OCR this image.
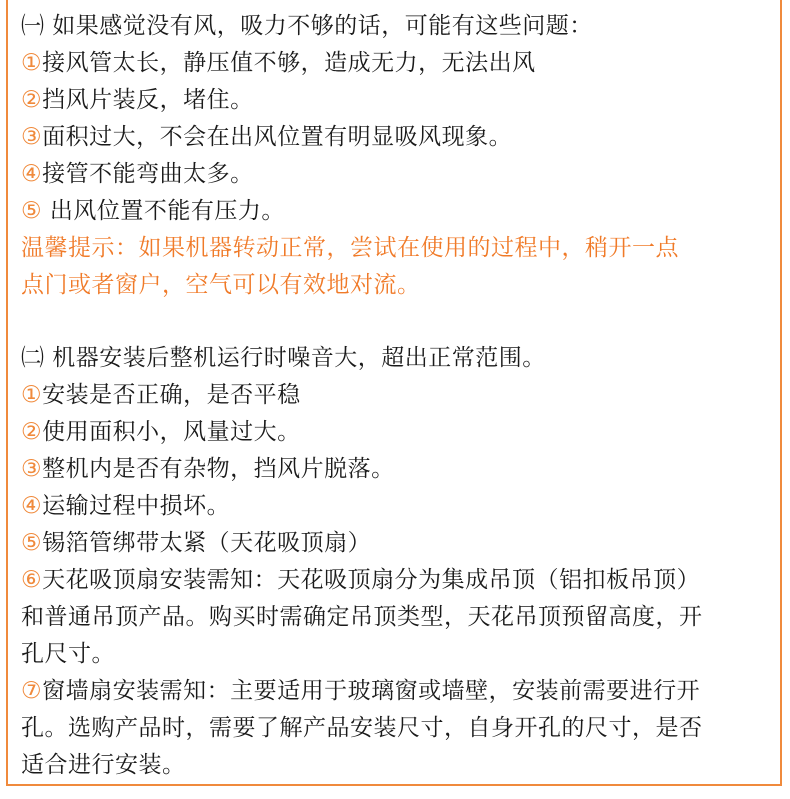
㈠ 如果感觉没有风，吸力不够的话，可能有这些问题：
①接风管太长，静压值不够，造成无力，无法出风
②挡风片装反，堵住。
③面积过大，不会在出风位置有明显吸风现象。
④接管不能弯曲太多。
⑤ 出风位置不能有压力。
温馨提示：如果机器转动正常，尝试在使用的过程中，稍开一点
点门或者窗户，空气可以有效地对流。
㈡ 机器安装后整机运行时噪音大，超出正常范围。
①安装是否正确，是否平稳
②使用面积小，风量过大。
③整机内是否有杂物，挡风片脱落。
④运输过程中损坏。
⑤锡箔管绑带太紧（天花吸顶扇）
⑥天花吸顶扇安装需知：天花吸顶扇分为集成吊顶（铝扣板吊顶）
和普通吊顶产品。购买时需确定吊顶类型，天花吊顶预留高度，开
孔尺寸。
⑦窗墙扇安装需知：主要适用于玻璃窗或墙壁，安装前需要进行开
孔。选购产品时，需要了解产品安装尺寸，自身开孔的尺寸，是否
适合进行安装。
